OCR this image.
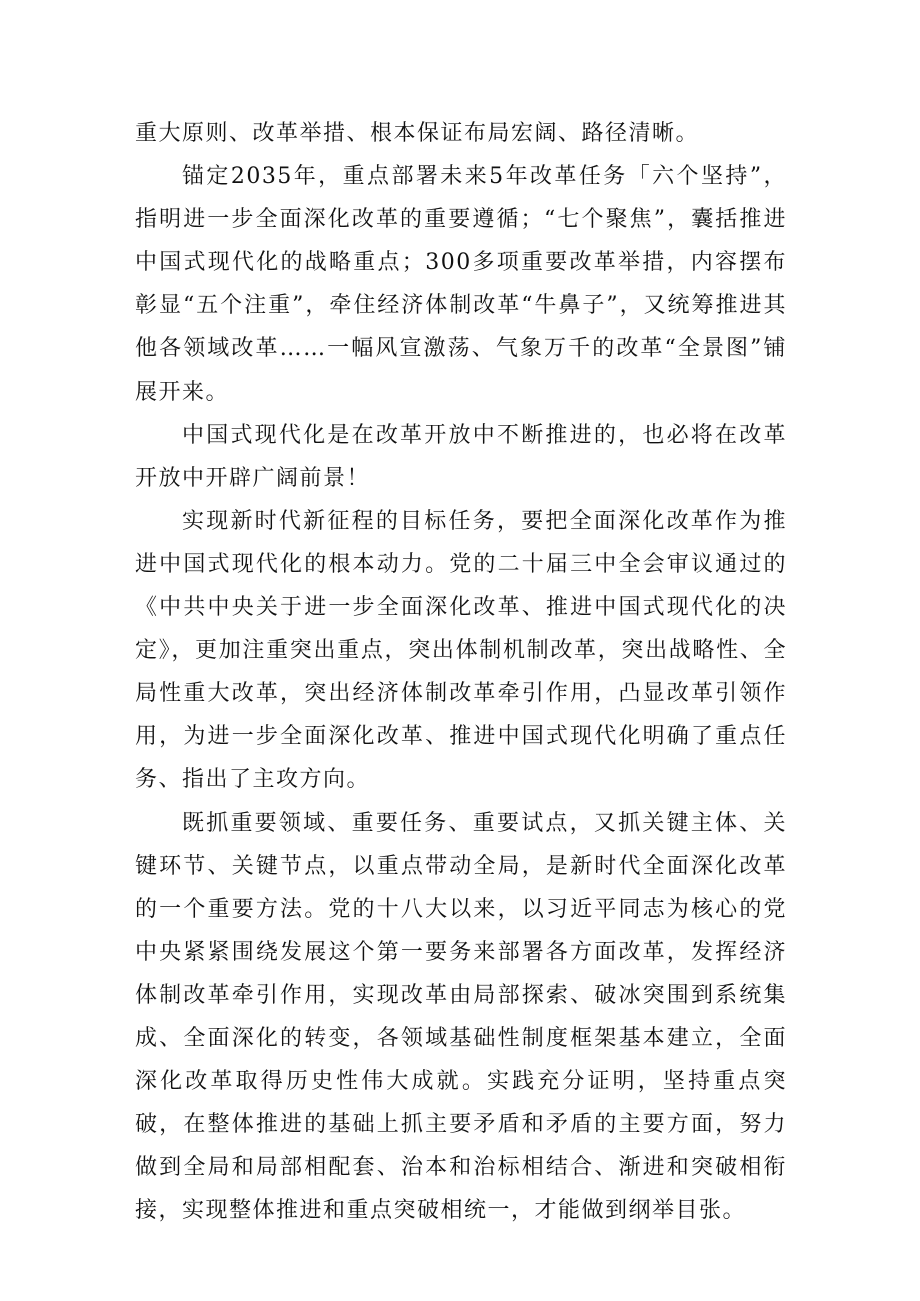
重大原则、改革举措、根本保证布局宏阔、路径清晰。

锚定2035年，重点部署未来5年改革任务「六个坚持”，指明进一步全面深化改革的重要遵循；“七个聚焦”，囊括推进中国式现代化的战略重点；300多项重要改革举措，内容摆布彰显“五个注重”，牵住经济体制改革“牛鼻子”，又统筹推进其他各领域改革……一幅风宣激荡、气象万千的改革“全景图”铺展开来。

中国式现代化是在改革开放中不断推进的，也必将在改革开放中开辟广阔前景！

实现新时代新征程的目标任务，要把全面深化改革作为推进中国式现代化的根本动力。党的二十届三中全会审议通过的《中共中央关于进一步全面深化改革、推进中国式现代化的决定》，更加注重突出重点，突出体制机制改革，突出战略性、全局性重大改革，突出经济体制改革牵引作用，凸显改革引领作用，为进一步全面深化改革、推进中国式现代化明确了重点任务、指出了主攻方向。

既抓重要领域、重要任务、重要试点，又抓关键主体、关键环节、关键节点，以重点带动全局，是新时代全面深化改革的一个重要方法。党的十八大以来，以习近平同志为核心的党中央紧紧围绕发展这个第一要务来部署各方面改革，发挥经济体制改革牵引作用，实现改革由局部探索、破冰突围到系统集成、全面深化的转变，各领域基础性制度框架基本建立，全面深化改革取得历史性伟大成就。实践充分证明，坚持重点突破，在整体推进的基础上抓主要矛盾和矛盾的主要方面，努力做到全局和局部相配套、治本和治标相结合、渐进和突破相衔接，实现整体推进和重点突破相统一，才能做到纲举目张。
